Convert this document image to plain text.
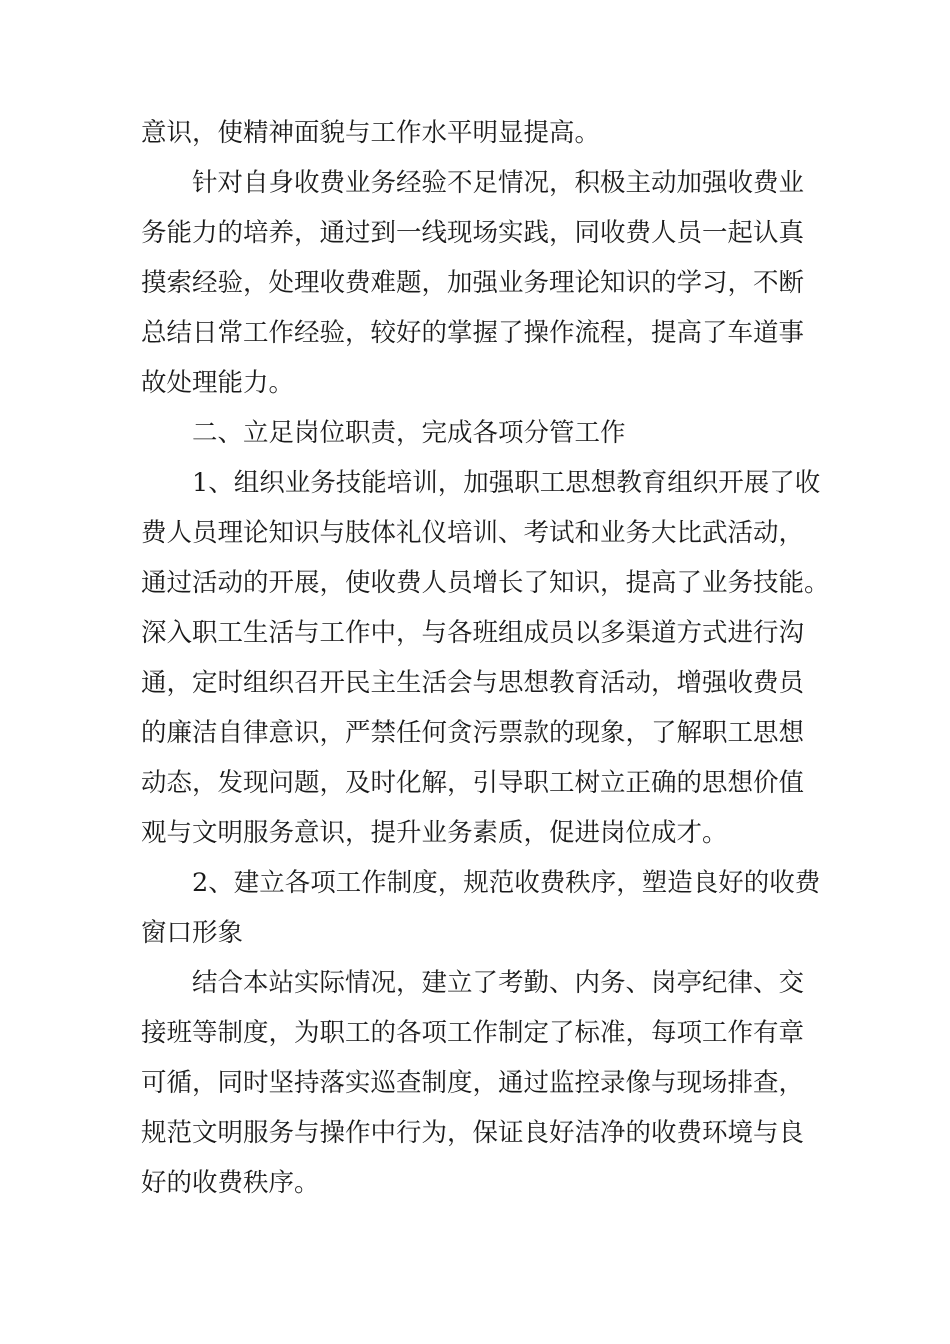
意识，使精神面貌与工作水平明显提高。
针对自身收费业务经验不足情况，积极主动加强收费业
务能力的培养，通过到一线现场实践，同收费人员一起认真
摸索经验，处理收费难题，加强业务理论知识的学习，不断
总结日常工作经验，较好的掌握了操作流程，提高了车道事
故处理能力。
二、立足岗位职责，完成各项分管工作
1、组织业务技能培训，加强职工思想教育组织开展了收
费人员理论知识与肢体礼仪培训、考试和业务大比武活动，
通过活动的开展，使收费人员增长了知识，提高了业务技能。
深入职工生活与工作中，与各班组成员以多渠道方式进行沟
通，定时组织召开民主生活会与思想教育活动，增强收费员
的廉洁自律意识，严禁任何贪污票款的现象，了解职工思想
动态，发现问题，及时化解，引导职工树立正确的思想价值
观与文明服务意识，提升业务素质，促进岗位成才。
2、建立各项工作制度，规范收费秩序，塑造良好的收费
窗口形象
结合本站实际情况，建立了考勤、内务、岗亭纪律、交
接班等制度，为职工的各项工作制定了标准，每项工作有章
可循，同时坚持落实巡查制度，通过监控录像与现场排查，
规范文明服务与操作中行为，保证良好洁净的收费环境与良
好的收费秩序。
